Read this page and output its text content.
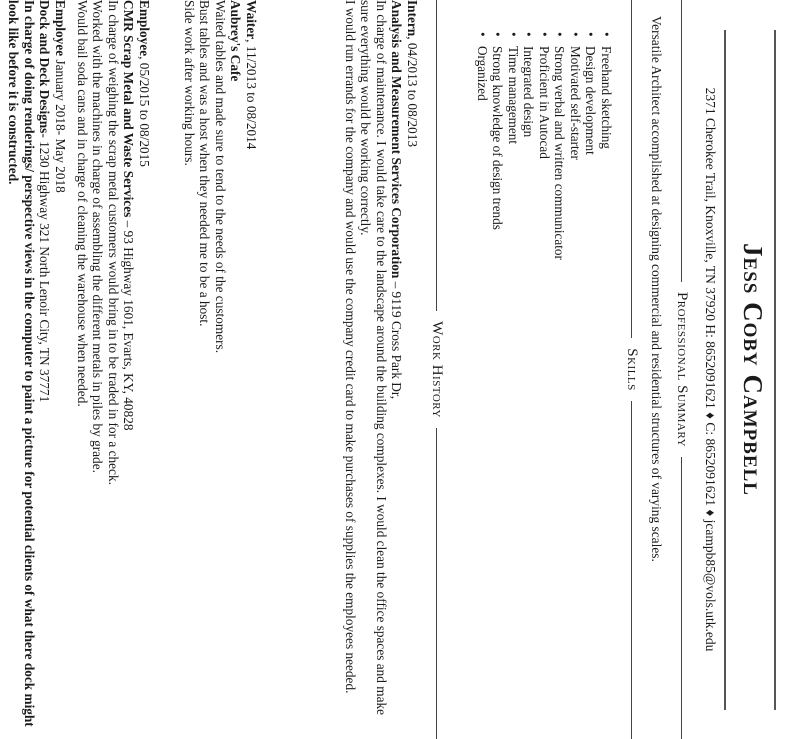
Jess Coby Campbell
2371 Cherokee Trail, Knoxville, TN 37920 H: 8652091621 ♦ C: 8652091621 ♦ jcampb85@vols.utk.edu
Professional Summary
Versatile Architect accomplished at designing commercial and residential structures of varying scales.
Skills
• Freehand sketching
• Design development
• Motivated self-starter
• Strong verbal and written communicator
• Proficient in Autocad
• Integrated design
• Time management
• Strong knowledge of design trends
• Organized
Work History

Intern, 04/2013 to 08/2013

Analysis and Measurement Services Corporation – 9119 Cross Park Dr,

In charge of maintenance. I would take care to the landscape around the building complexes. I would clean the office spaces and make sure everything would be working correctly.

I would run errands for the company and would use the company credit card to make purchases of supplies the employees needed.

Waiter, 11/2013 to 08/2014

Aubrey's Cafe

Waited tables and made sure to tend to the needs of the customers.

Bust tables and was a host when they needed me to be a host.

Side work after working hours.

Employee, 05/2015 to 08/2015

CMR Scrap Metal and Waste Services – 93 Highway 1601, Evarts, KY, 40828

In charge of weighing the scrap metal customers would bring in to be traded in for a check.

Worked with the machines in charge of assembling the different metals in piles by grade.

Would bail soda cans and in charge of cleaning the warehouse when needed.

Employee January 2018- May 2018

Dock and Deck Designs- 1230 Highway 321 North Lenoir City, TN 37771

In charge of doing renderings/ perspective views in the computer to paint a picture for potential clients of what there dock might look like before it is constructed.
